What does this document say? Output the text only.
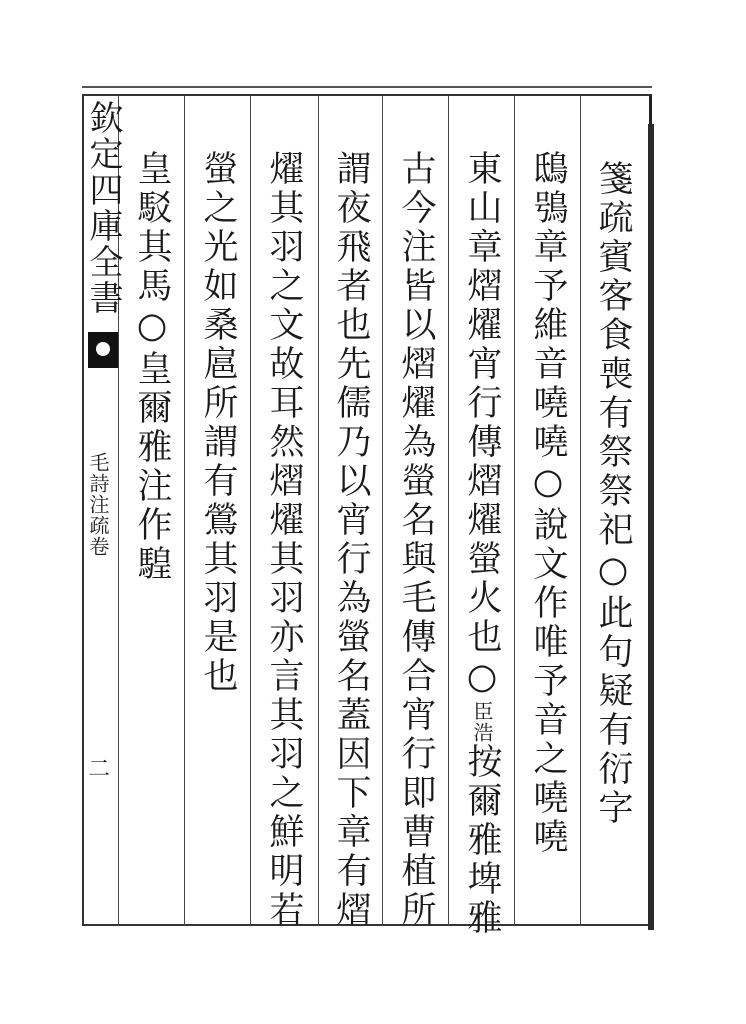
欽定四庫全書
毛詩注疏卷
二	箋疏賓客食喪有祭祭祀○此句疑有衍字
鴟鴞章予維音嘵嘵○說文作唯予音之嘵嘵
東山章熠燿宵行傳熠燿螢火也○臣浩按爾雅埤雅
古今注皆以熠燿為螢名與毛傳合宵行即曹植所
謂夜飛者也先儒乃以宵行為螢名蓋因下章有熠
燿其羽之文故耳然熠燿其羽亦言其羽之鮮明若
螢之光如桑扈所謂有鶯其羽是也
皇駁其馬○皇爾雅注作騜
